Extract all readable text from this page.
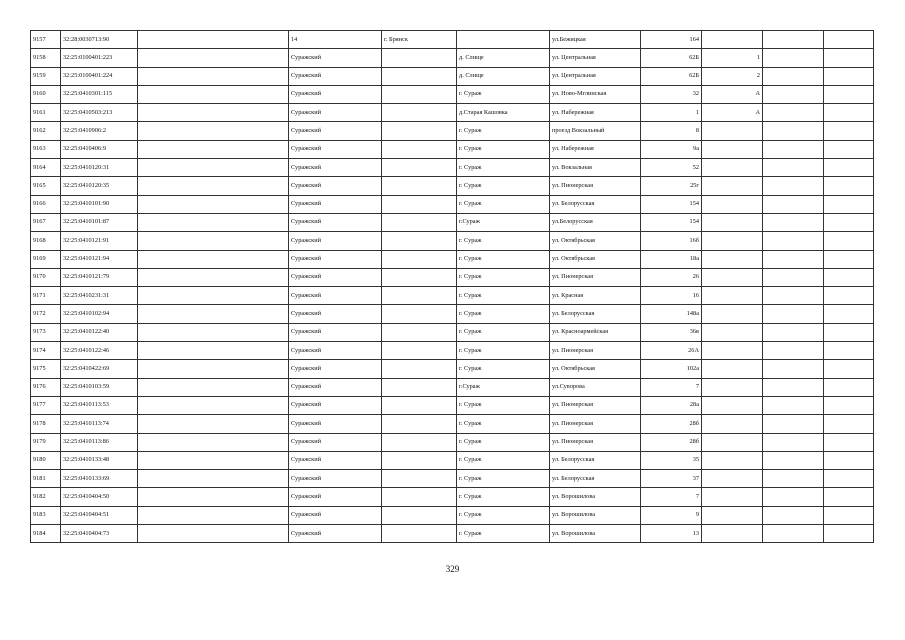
9157	32:28:0030713:90		14	г. Брянск		ул.Бежицкая	164			
9158	32:25:0100401:223		Суражский		д. Слище	ул. Центральная	62Б	1		
9159	32:25:0100401:224		Суражский		д. Слище	ул. Центральная	62Б	2		
9160	32:25:0410301:115		Суражский		г. Сураж	ул. Ново-Мглинская	32	А		
9161	32:25:0410503:213		Суражский		д.Старая Кашовка	ул. Набережная	1	А		
9162	32:25:0410906:2		Суражский		г. Сураж	проезд Вокзальный	8			
9163	32:25:0410406:9		Суражский		г. Сураж	ул. Набережная	9а			
9164	32:25:0410120:31		Суражский		г. Сураж	ул. Вокзальная	52			
9165	32:25:0410120:35		Суражский		г. Сураж	ул. Пионерская	25г			
9166	32:25:0410101:90		Суражский		г. Сураж	ул. Белорусская	154			
9167	32:25:0410101:87		Суражский		г.Сураж	ул.Белорусская	154			
9168	32:25:0410121:91		Суражский		г. Сураж	ул. Октябрьская	16б			
9169	32:25:0410121:94		Суражский		г. Сураж	ул. Октябрьская	18а			
9170	32:25:0410121:79		Суражский		г. Сураж	ул. Пионерская	26			
9171	32:25:0410231:31		Суражский		г. Сураж	ул. Красная	16			
9172	32:25:0410102:94		Суражский		г. Сураж	ул. Белорусская	148а			
9173	32:25:0410122:40		Суражский		г. Сураж	ул. Красноармейская	36в			
9174	32:25:0410122:46		Суражский		г. Сураж	ул. Пионерская	26А			
9175	32:25:0410422:69		Суражский		г. Сураж	ул. Октябрьская	102а			
9176	32:25:0410103:59		Суражский		г.Сураж	ул.Суворова	7			
9177	32:25:0410113:53		Суражский		г. Сураж	ул. Пионерская	28а			
9178	32:25:0410113:74		Суражский		г. Сураж	ул. Пионерская	28б			
9179	32:25:0410113:86		Суражский		г. Сураж	ул. Пионерская	28б			
9180	32:25:0410133:48		Суражский		г. Сураж	ул. Белорусская	35			
9181	32:25:0410133:69		Суражский		г. Сураж	ул. Белорусская	37			
9182	32:25:0410404:50		Суражский		г. Сураж	ул. Ворошилова	7			
9183	32:25:0410404:51		Суражский		г. Сураж	ул. Ворошилова	9			
9184	32:25:0410404:73		Суражский		г. Сураж	ул. Ворошилова	13			
329
